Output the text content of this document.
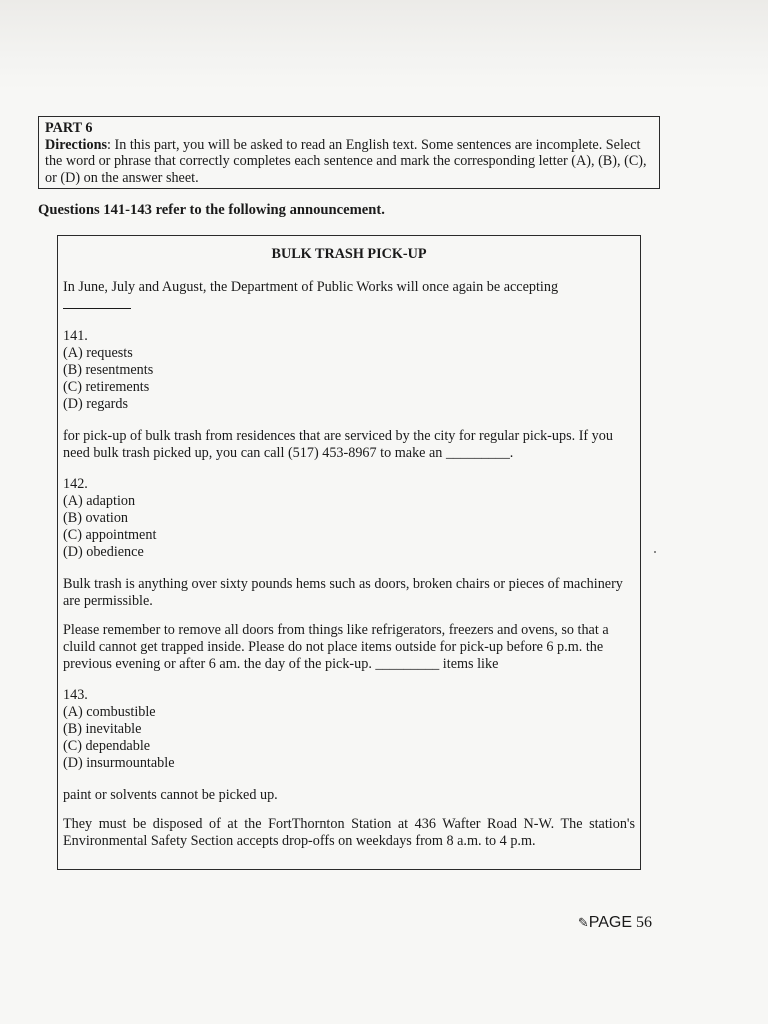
PART 6
Directions: In this part, you will be asked to read an English text. Some sentences are incomplete. Select the word or phrase that correctly completes each sentence and mark the corresponding letter (A), (B), (C), or (D) on the answer sheet.
Questions 141-143 refer to the following announcement.
BULK TRASH PICK-UP

In June, July and August, the Department of Public Works will once again be accepting

141.
(A) requests
(B) resentments
(C) retirements
(D) regards

for pick-up of bulk trash from residences that are serviced by the city for regular pick-ups. If you need bulk trash picked up, you can call (517) 453-8967 to make an _________.

142.
(A) adaption
(B) ovation
(C) appointment
(D) obedience

Bulk trash is anything over sixty pounds hems such as doors, broken chairs or pieces of machinery are permissible.

Please remember to remove all doors from things like refrigerators, freezers and ovens, so that a cluild cannot get trapped inside. Please do not place items outside for pick-up before 6 p.m. the previous evening or after 6 am. the day of the pick-up. _________ items like

143.
(A) combustible
(B) inevitable
(C) dependable
(D) insurmountable

paint or solvents cannot be picked up.

They must be disposed of at the FortThornton Station at 436 Wafter Road N-W. The station's Environmental Safety Section accepts drop-offs on weekdays from 8 a.m. to 4 p.m.

✎PAGE 56
